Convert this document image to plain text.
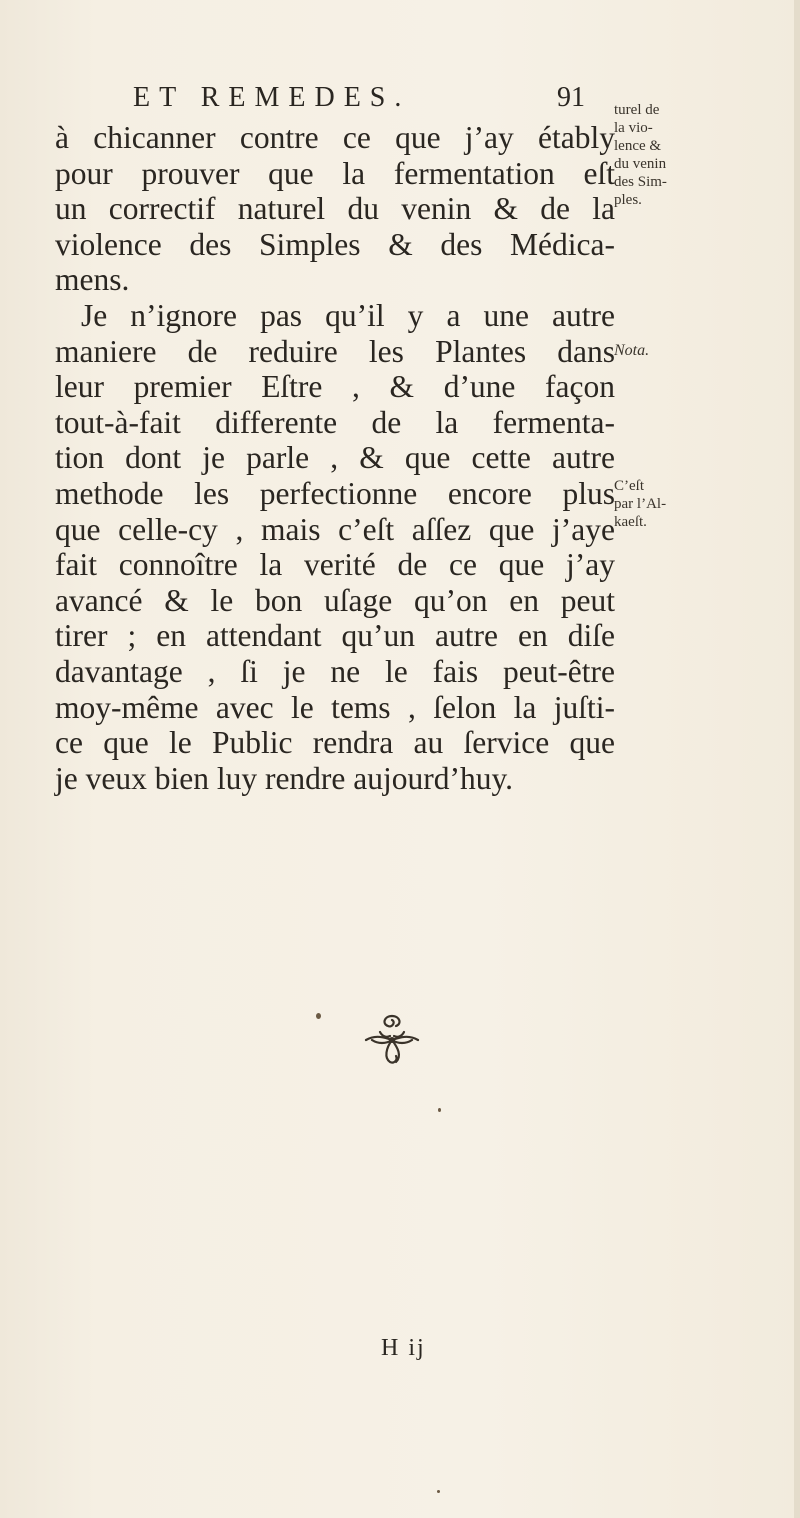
ET REMEDES.	91
à chicanner contre ce que j’ay étably
pour prouver que la fermentation eſt
un correctif naturel du venin & de la
violence des Simples & des Médica-
mens.
Je n’ignore pas qu’il y a une autre
maniere de reduire les Plantes dans
leur premier Eſtre , & d’une façon
tout-à-fait differente de la fermenta-
tion dont je parle , & que cette autre
methode les perfectionne encore plus
que celle-cy , mais c’eſt aſſez que j’aye
fait connoître la verité de ce que j’ay
avancé & le bon uſage qu’on en peut
tirer ; en attendant qu’un autre en diſe
davantage , ſi je ne le fais peut-être
moy-même avec le tems , ſelon la juſti-
ce que le Public rendra au ſervice que
je veux bien luy rendre aujourd’huy.
turel de
la vio-
lence &
du venin
des Sim-
ples.
Nota.
C’eſt
par l’Al-
kaeſt.
H ij
